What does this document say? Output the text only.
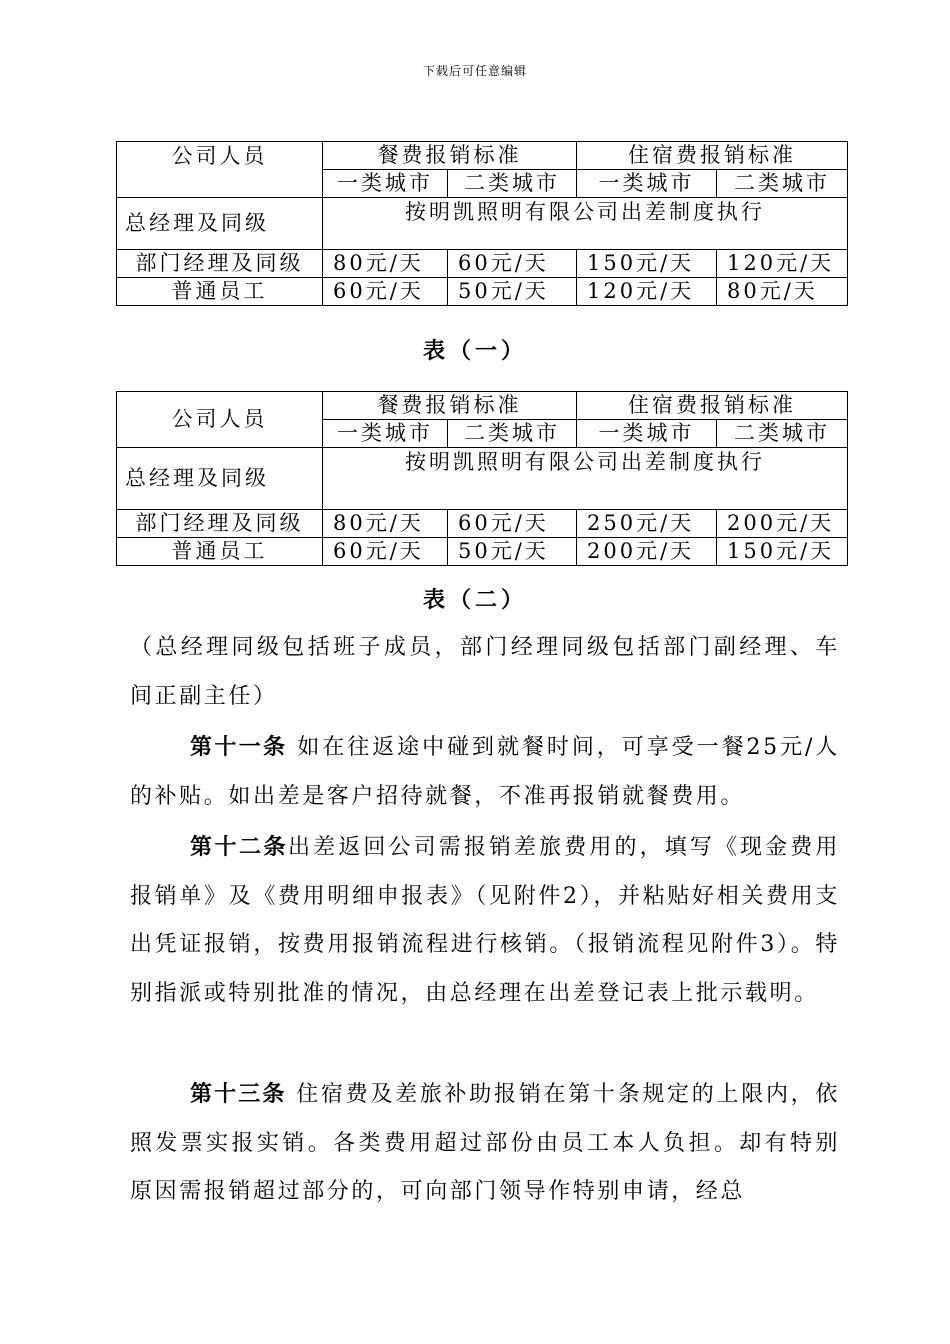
下载后可任意编辑
公司人员	餐费报销标准		住宿费报销标准	
	一类城市	二类城市	一类城市	二类城市
总经理及同级	按明凯照明有限公司出差制度执行			
部门经理及同级	80元/天	60元/天	150元/天	120元/天
普通员工	60元/天	50元/天	120元/天	80元/天
表（一）
公司人员	餐费报销标准		住宿费报销标准	
	一类城市	二类城市	一类城市	二类城市
总经理及同级	按明凯照明有限公司出差制度执行			
部门经理及同级	80元/天	60元/天	250元/天	200元/天
普通员工	60元/天	50元/天	200元/天	150元/天
表（二）
（总经理同级包括班子成员，部门经理同级包括部门副经理、车间正副主任）
第十一条 如在往返途中碰到就餐时间，可享受一餐25元/人的补贴。如出差是客户招待就餐，不准再报销就餐费用。
第十二条出差返回公司需报销差旅费用的，填写《现金费用报销单》及《费用明细申报表》（见附件2），并粘贴好相关费用支出凭证报销，按费用报销流程进行核销。（报销流程见附件3）。特别指派或特别批准的情况，由总经理在出差登记表上批示载明。
第十三条 住宿费及差旅补助报销在第十条规定的上限内，依照发票实报实销。各类费用超过部份由员工本人负担。却有特别原因需报销超过部分的，可向部门领导作特别申请，经总
